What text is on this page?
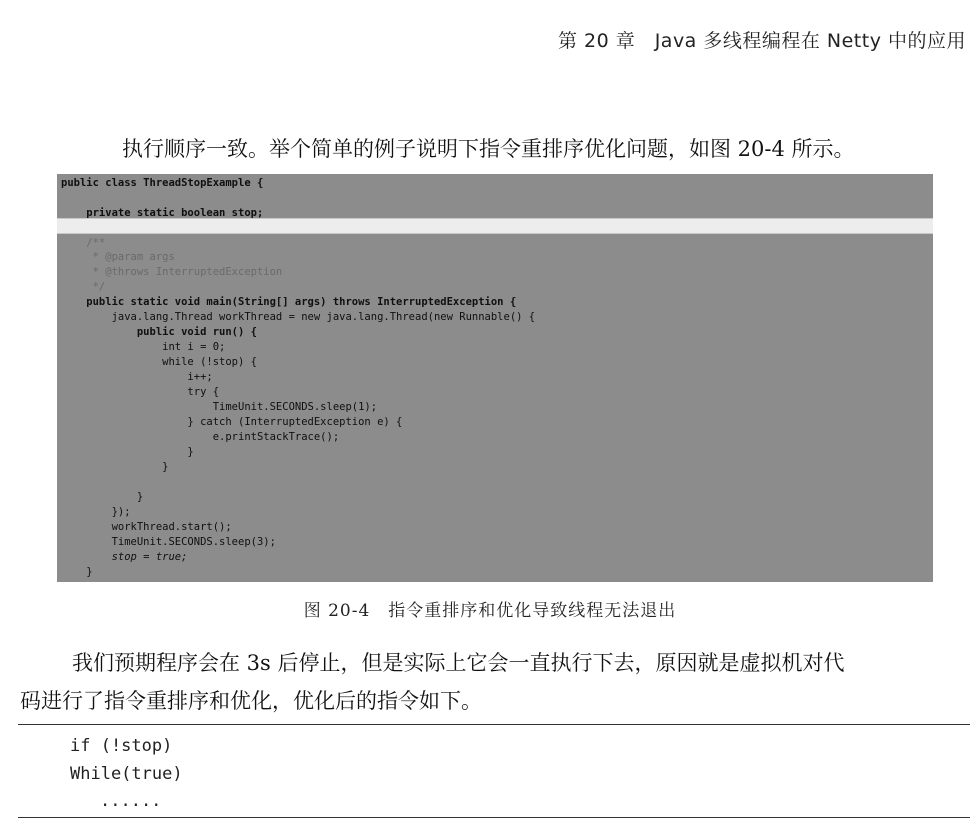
第 20 章　Java 多线程编程在 Netty 中的应用
执行顺序一致。举个简单的例子说明下指令重排序优化问题，如图 20-4 所示。
public class ThreadStopExample {
private static boolean stop;
/**
* @param args
* @throws InterruptedException
*/
public static void main(String[] args) throws InterruptedException {
java.lang.Thread workThread = new java.lang.Thread(new Runnable() {
public void run() {
int i = 0;
while (!stop) {
i++;
try {
TimeUnit.SECONDS.sleep(1);
} catch (InterruptedException e) {
e.printStackTrace();
}
}
}
});
workThread.start();
TimeUnit.SECONDS.sleep(3);
stop = true;
}
图 20-4　指令重排序和优化导致线程无法退出
我们预期程序会在 3s 后停止，但是实际上它会一直执行下去，原因就是虚拟机对代
码进行了指令重排序和优化，优化后的指令如下。
if (!stop)
While(true)
......
